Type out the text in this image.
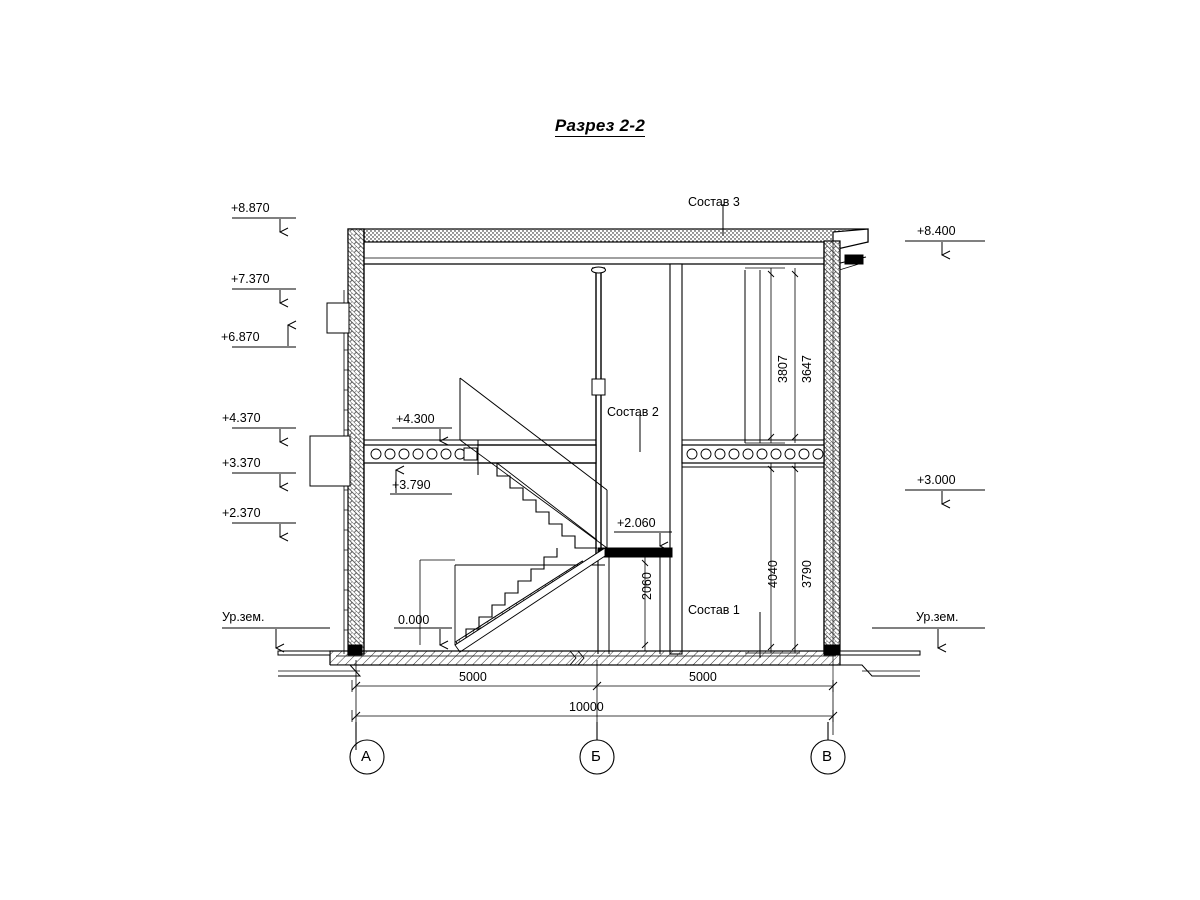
Разрез 2-2
Ур.зем.	Ур.зем.
+8.870
+7.370
+6.870
+4.370
+3.370
+2.370
+8.400
+3.000
+4.300
+3.790
+2.060
0.000
Состав 3
Состав 2
Состав 1
3807 3647
4040 3790
2060
5000	5000
10000
А	Б	В
